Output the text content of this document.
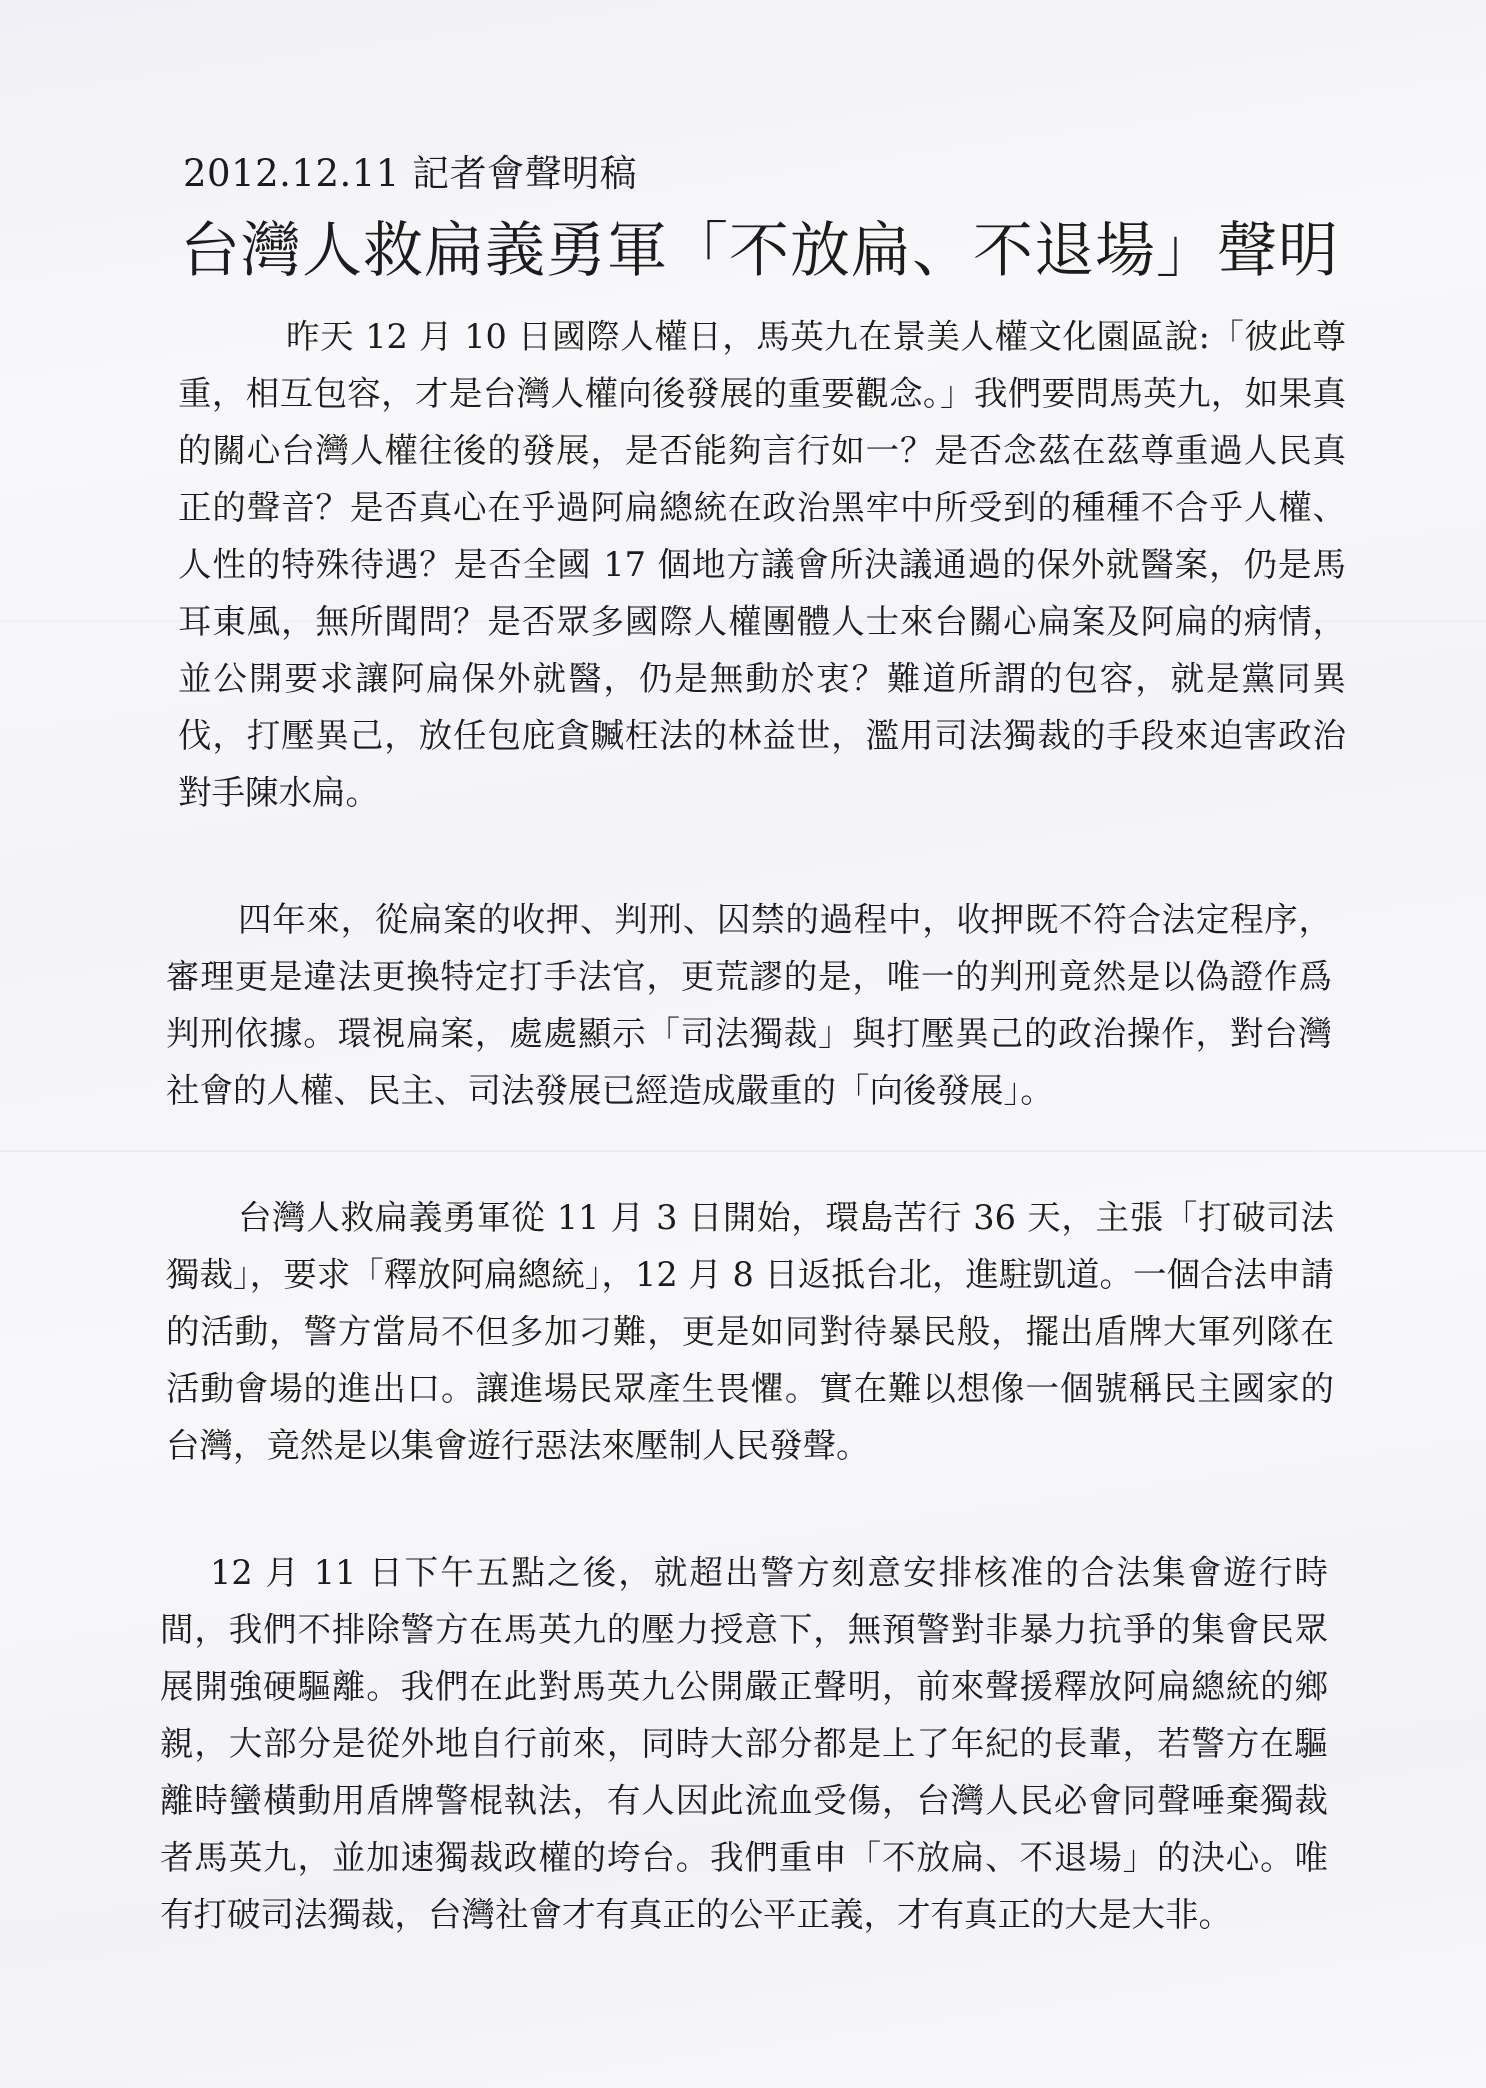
2012.12.11 記者會聲明稿
台灣人救扁義勇軍「不放扁、不退場」聲明

昨天 12 月 10 日國際人權日，馬英九在景美人權文化園區說:「彼此尊重，相互包容，才是台灣人權向後發展的重要觀念。」我們要問馬英九，如果真的關心台灣人權往後的發展，是否能夠言行如一？是否念茲在茲尊重過人民真正的聲音？是否真心在乎過阿扁總統在政治黑牢中所受到的種種不合乎人權、人性的特殊待遇？是否全國 17 個地方議會所決議通過的保外就醫案，仍是馬耳東風，無所聞問？是否眾多國際人權團體人士來台關心扁案及阿扁的病情，並公開要求讓阿扁保外就醫，仍是無動於衷？難道所謂的包容，就是黨同異伐，打壓異己，放任包庇貪贓枉法的林益世，濫用司法獨裁的手段來迫害政治對手陳水扁。

四年來，從扁案的收押、判刑、囚禁的過程中，收押既不符合法定程序，審理更是違法更換特定打手法官，更荒謬的是，唯一的判刑竟然是以偽證作爲判刑依據。環視扁案，處處顯示「司法獨裁」與打壓異己的政治操作，對台灣社會的人權、民主、司法發展已經造成嚴重的「向後發展」。

台灣人救扁義勇軍從 11 月 3 日開始，環島苦行 36 天，主張「打破司法獨裁」，要求「釋放阿扁總統」，12 月 8 日返抵台北，進駐凱道。一個合法申請的活動，警方當局不但多加刁難，更是如同對待暴民般，擺出盾牌大軍列隊在活動會場的進出口。讓進場民眾產生畏懼。實在難以想像一個號稱民主國家的台灣，竟然是以集會遊行惡法來壓制人民發聲。

12 月 11 日下午五點之後，就超出警方刻意安排核准的合法集會遊行時間，我們不排除警方在馬英九的壓力授意下，無預警對非暴力抗爭的集會民眾展開強硬驅離。我們在此對馬英九公開嚴正聲明，前來聲援釋放阿扁總統的鄉親，大部分是從外地自行前來，同時大部分都是上了年紀的長輩，若警方在驅離時蠻橫動用盾牌警棍執法，有人因此流血受傷，台灣人民必會同聲唾棄獨裁者馬英九，並加速獨裁政權的垮台。我們重申「不放扁、不退場」的決心。唯有打破司法獨裁，台灣社會才有真正的公平正義，才有真正的大是大非。
